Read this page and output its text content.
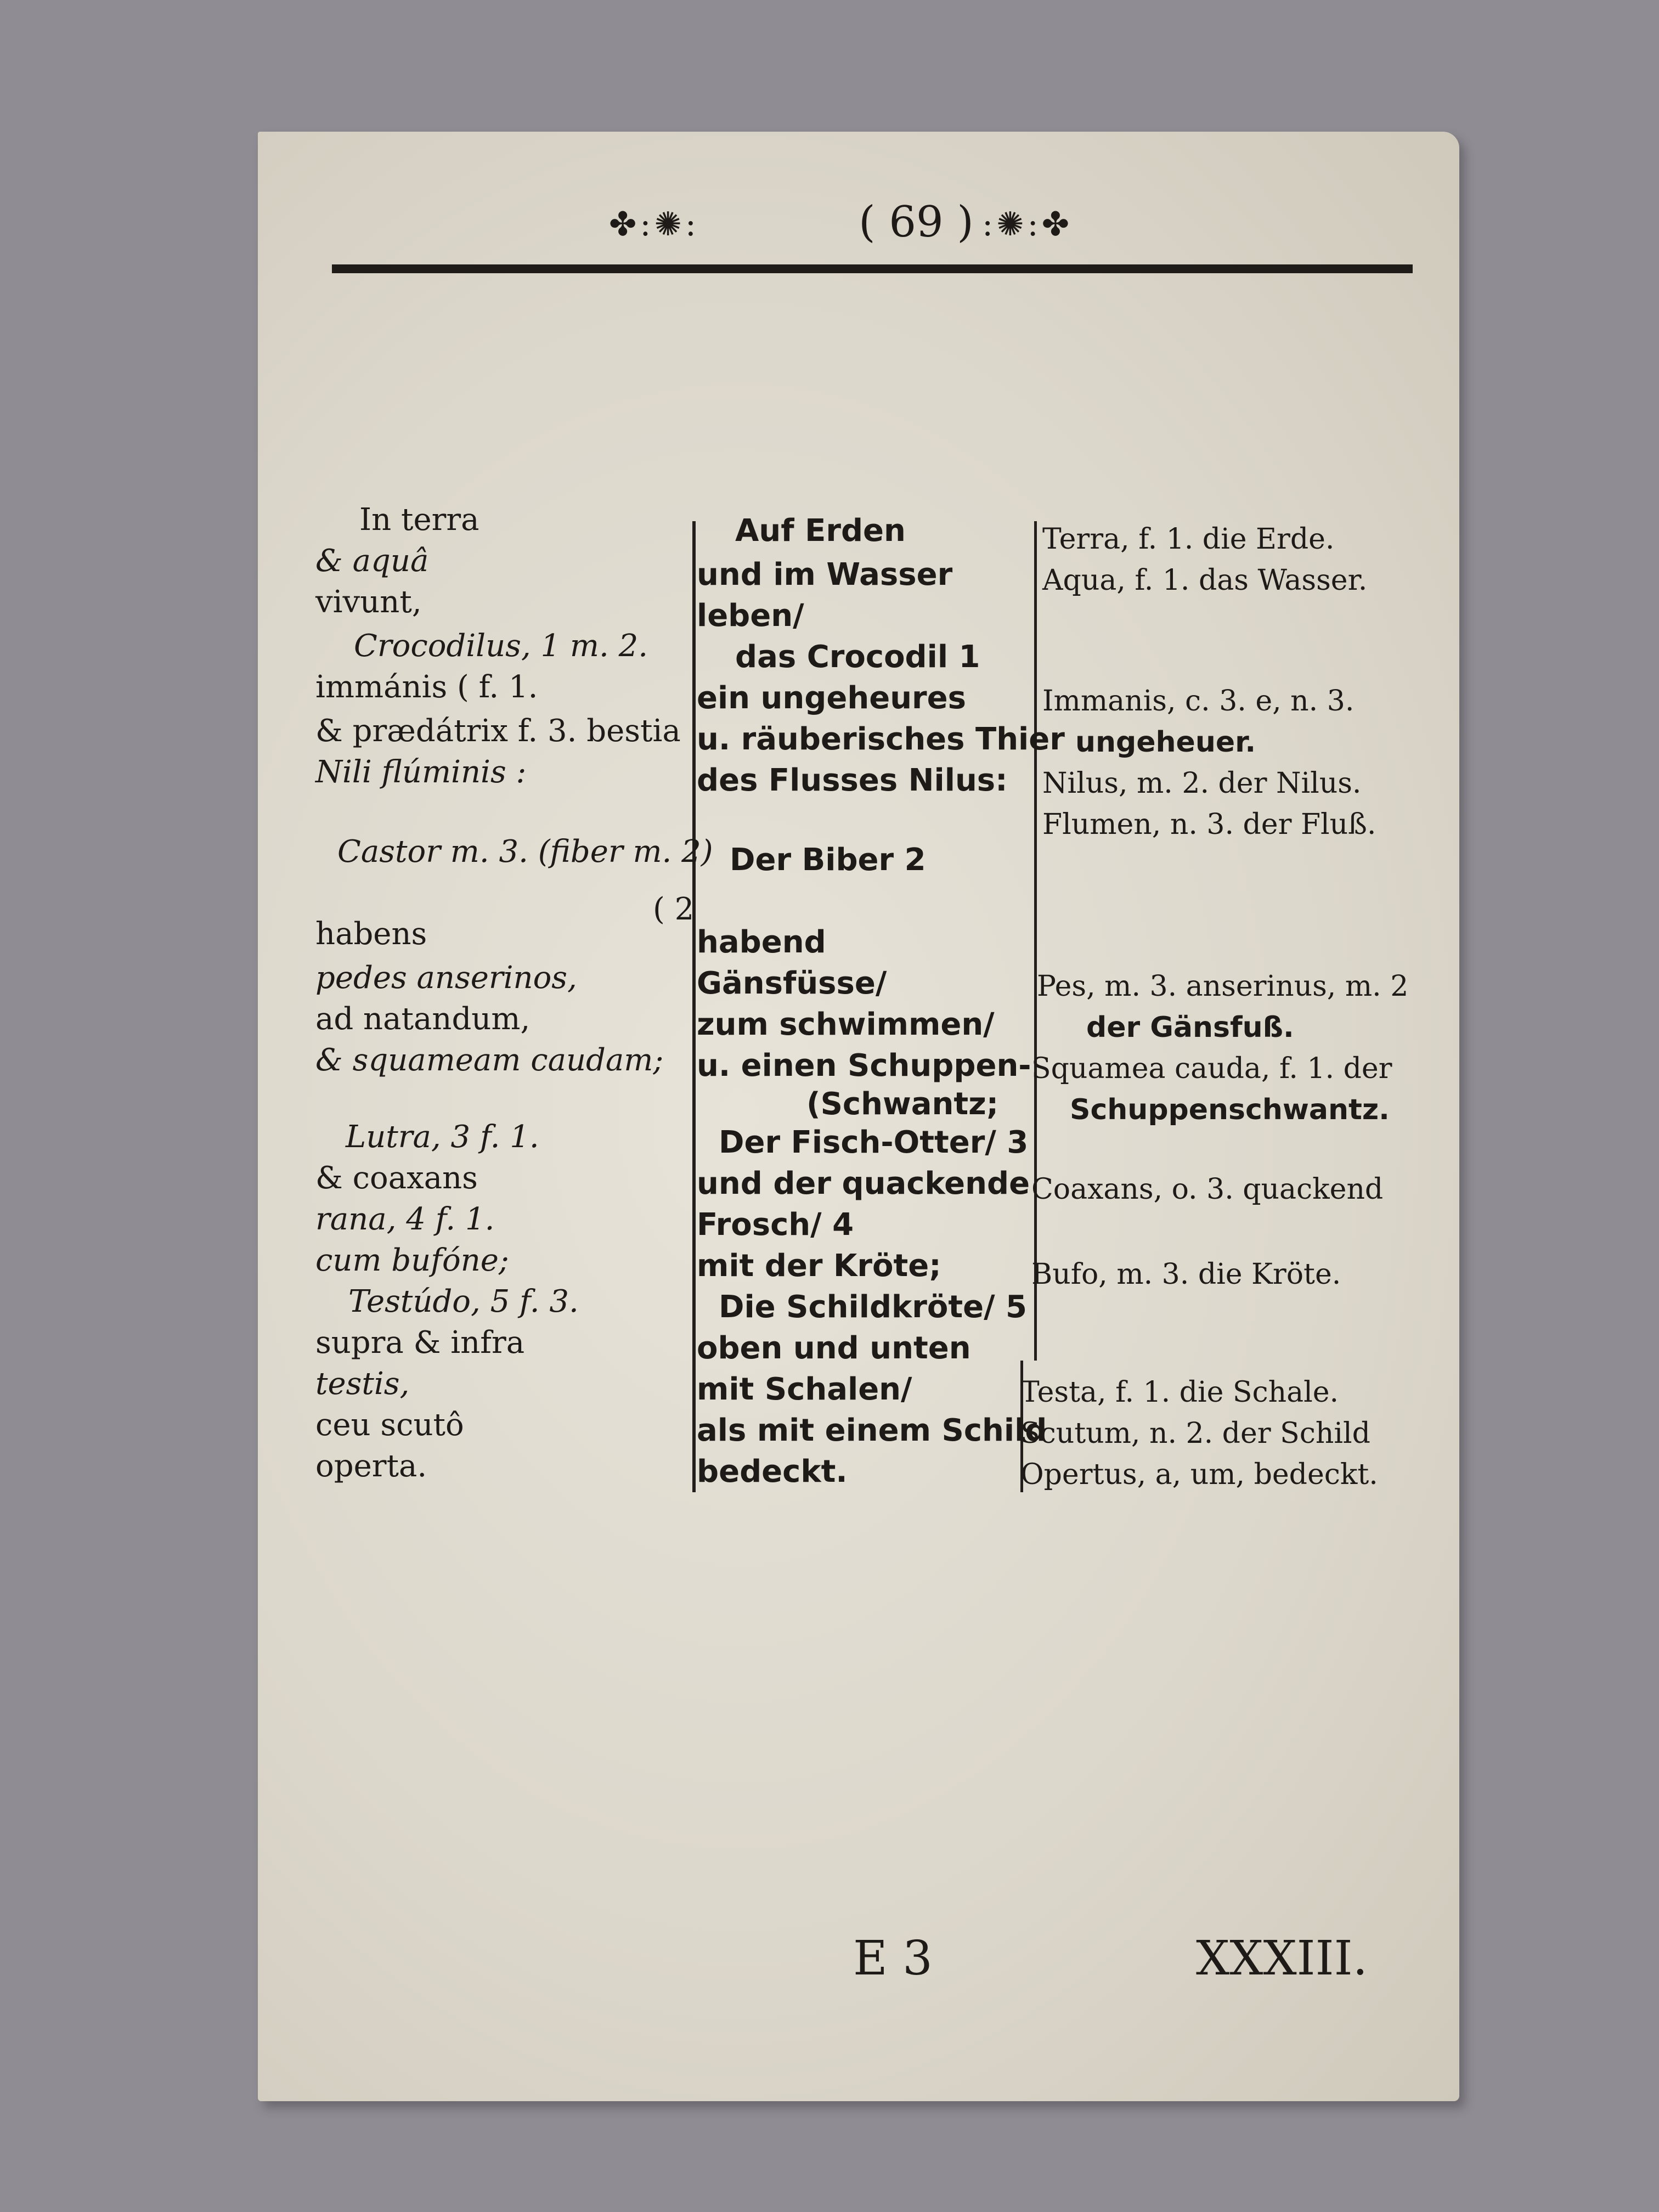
✤:✺:	( 69 ) :✺:✤
In terra
& aquâ
vivunt,
Crocodilus, 1 m. 2.
immánis ( f. 1.
& prædátrix f. 3. bestia
Nili flúminis :
Castor m. 3. (fiber m. 2)
( 2
habens
pedes anserinos,
ad natandum,
& squameam caudam;
Lutra, 3 f. 1.
& coaxans
rana, 4 f. 1.
cum bufóne;
Testúdo, 5 f. 3.
supra & infra
testis,
ceu scutô
operta.
Auf Erden
und im Wasser
leben/
das Crocodil 1
ein ungeheures
u. räuberisches Thier
des Flusses Nilus:
Der Biber 2
habend
Gänsfüsse/
zum schwimmen/
u. einen Schuppen-
(Schwantz;
Der Fisch-Otter/ 3
und der quackende
Frosch/ 4
mit der Kröte;
Die Schildkröte/ 5
oben und unten
mit Schalen/
als mit einem Schild
bedeckt.
Terra, f. 1. die Erde.
Aqua, f. 1. das Wasser.
Immanis, c. 3. e, n. 3.
ungeheuer.
Nilus, m. 2. der Nilus.
Flumen, n. 3. der Fluß.
Pes, m. 3. anserinus, m. 2
der Gänsfuß.
Squamea cauda, f. 1. der
Schuppenschwantz.
Coaxans, o. 3. quackend
Bufo, m. 3. die Kröte.
Testa, f. 1. die Schale.
Scutum, n. 2. der Schild
Opertus, a, um, bedeckt.
E 3	XXXIII.
